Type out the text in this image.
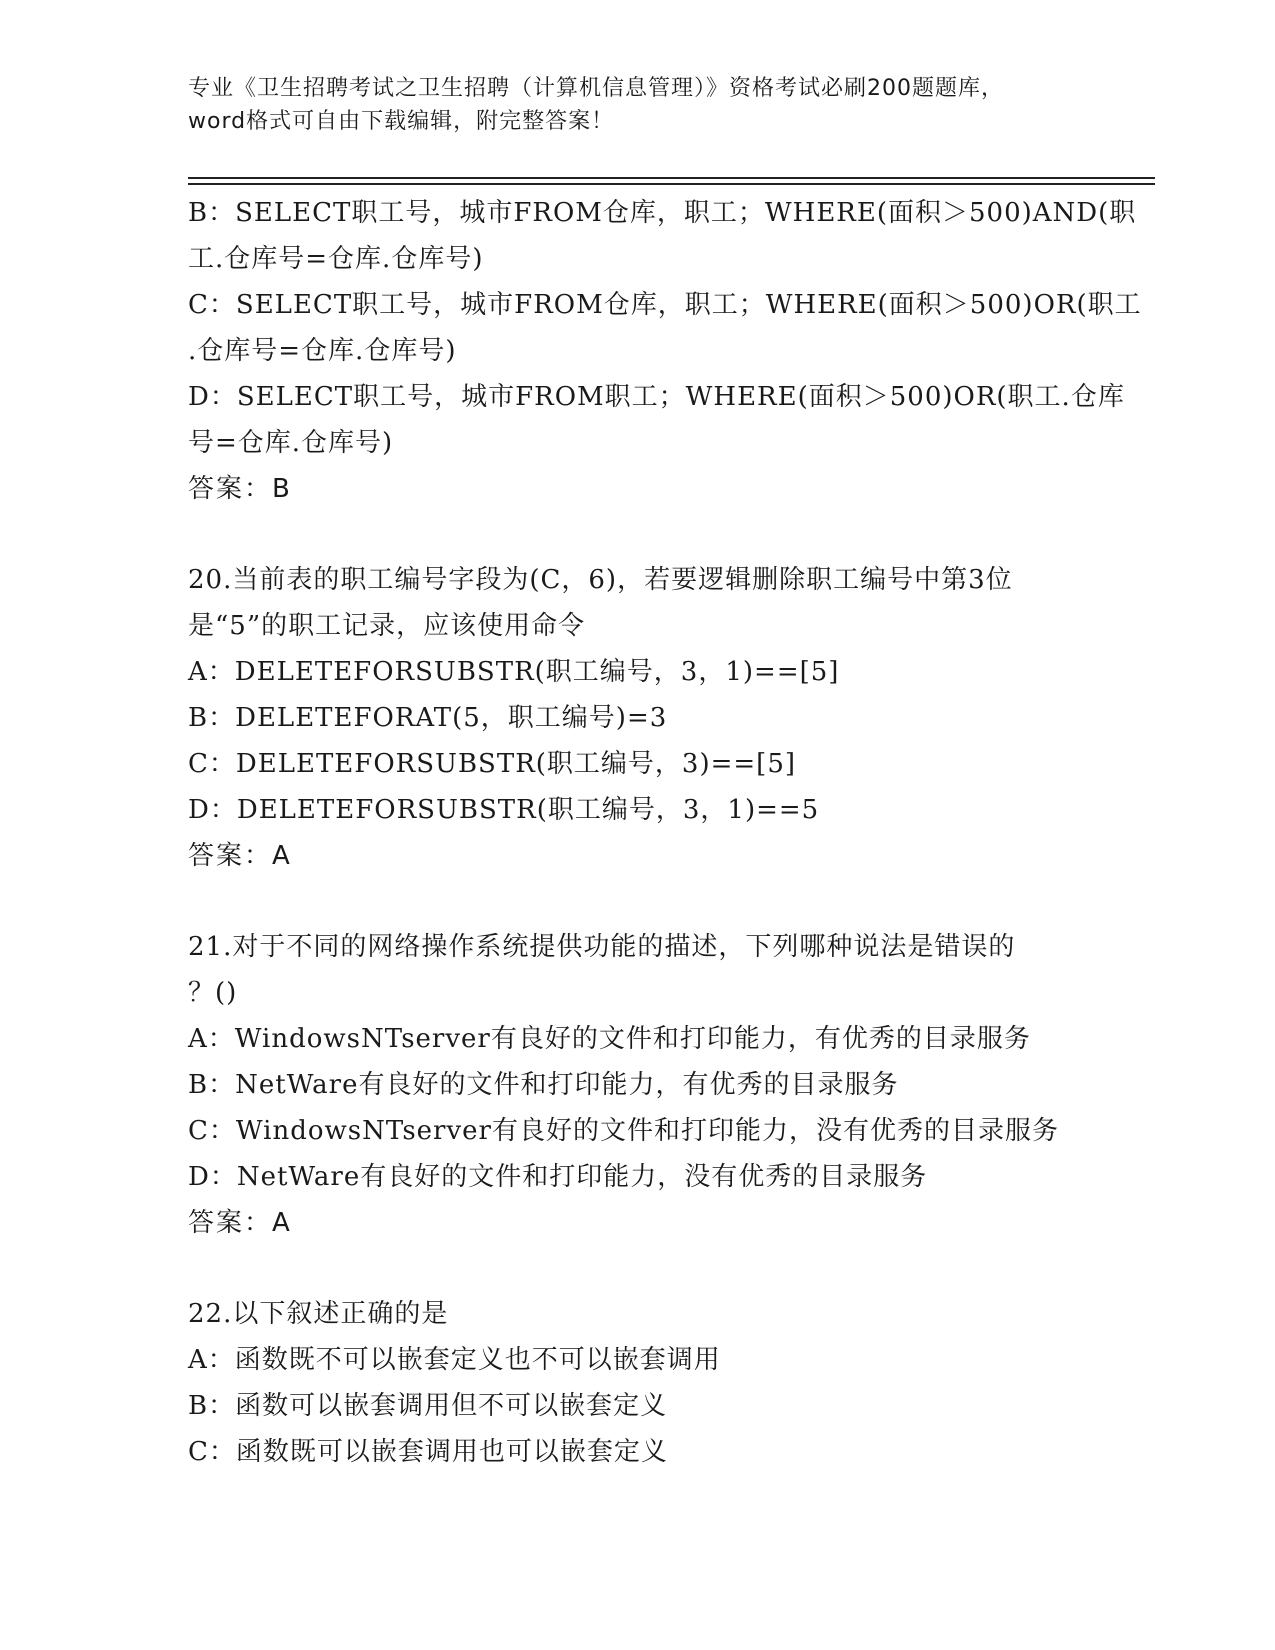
专业《卫生招聘考试之卫生招聘（计算机信息管理）》资格考试必刷200题题库，
word格式可自由下载编辑，附完整答案！
B：SELECT职工号，城市FROM仓库，职工；WHERE(面积＞500)AND(职
工.仓库号=仓库.仓库号)
C：SELECT职工号，城市FROM仓库，职工；WHERE(面积＞500)OR(职工
.仓库号=仓库.仓库号)
D：SELECT职工号，城市FROM职工；WHERE(面积＞500)OR(职工.仓库
号=仓库.仓库号)
答案：B
20.当前表的职工编号字段为(C，6)，若要逻辑删除职工编号中第3位
是“5”的职工记录，应该使用命令
A：DELETEFORSUBSTR(职工编号，3，1)==[5]
B：DELETEFORAT(5，职工编号)=3
C：DELETEFORSUBSTR(职工编号，3)==[5]
D：DELETEFORSUBSTR(职工编号，3，1)==5
答案：A
21.对于不同的网络操作系统提供功能的描述，下列哪种说法是错误的
？()
A：WindowsNTserver有良好的文件和打印能力，有优秀的目录服务
B：NetWare有良好的文件和打印能力，有优秀的目录服务
C：WindowsNTserver有良好的文件和打印能力，没有优秀的目录服务
D：NetWare有良好的文件和打印能力，没有优秀的目录服务
答案：A
22.以下叙述正确的是
A：函数既不可以嵌套定义也不可以嵌套调用
B：函数可以嵌套调用但不可以嵌套定义
C：函数既可以嵌套调用也可以嵌套定义
